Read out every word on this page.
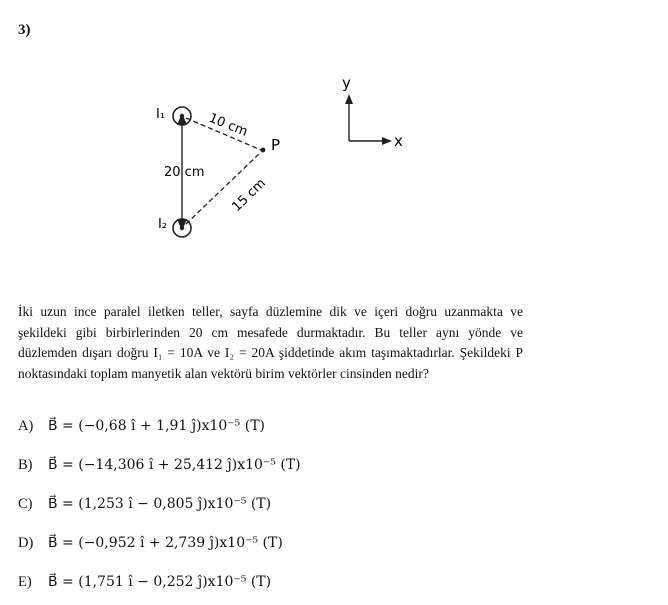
3)
I₁
I₂
P
20 cm
10 cm
15 cm
y
x
İki uzun ince paralel iletken teller, sayfa düzlemine dik ve içeri doğru uzanmakta ve şekildeki gibi birbirlerinden 20 cm mesafede durmaktadır. Bu teller aynı yönde ve düzlemden dışarı doğru I₁ = 10A ve I₂ = 20A şiddetinde akım taşımaktadırlar. Şekildeki P noktasındaki toplam manyetik alan vektörü birim vektörler cinsinden nedir?
A) B⃗ = (−0,68 î + 1,91 ĵ)x10⁻⁵ (T)
B) B⃗ = (−14,306 î + 25,412 ĵ)x10⁻⁵ (T)
C) B⃗ = (1,253 î − 0,805 ĵ)x10⁻⁵ (T)
D) B⃗ = (−0,952 î + 2,739 ĵ)x10⁻⁵ (T)
E) B⃗ = (1,751 î − 0,252 ĵ)x10⁻⁵ (T)
